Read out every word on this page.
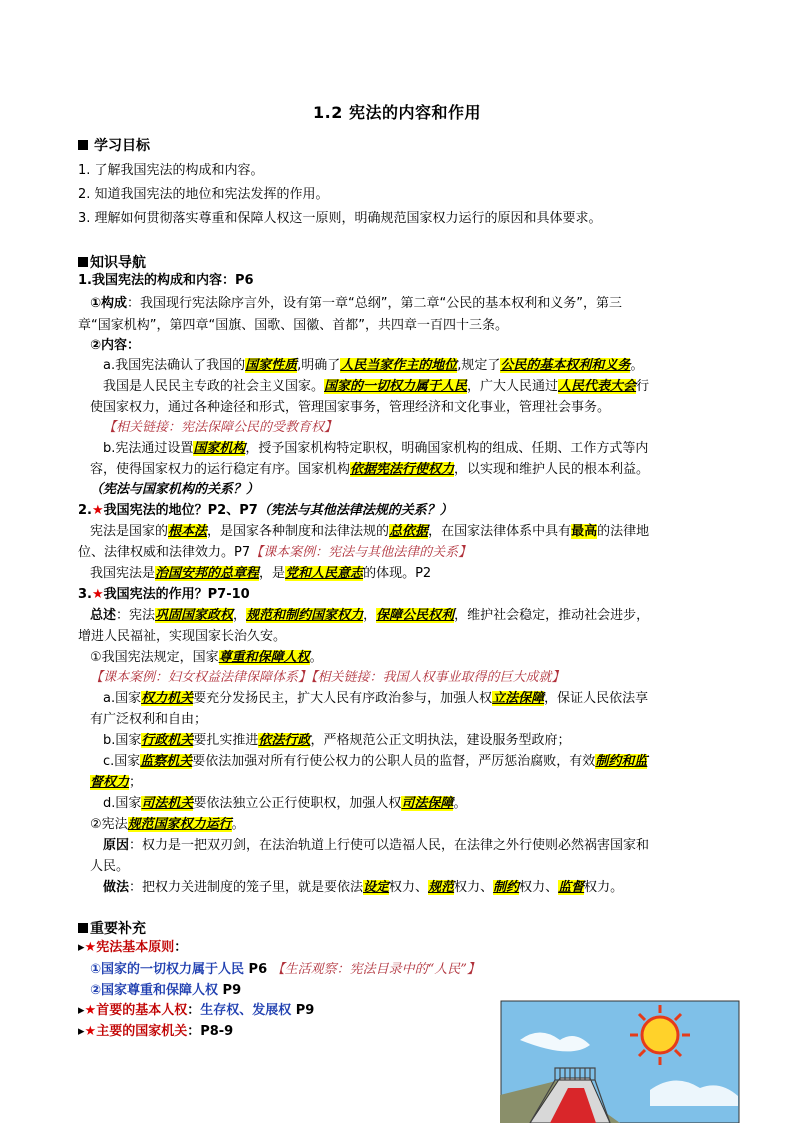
1.2 宪法的内容和作用
学习目标
1. 了解我国宪法的构成和内容。
2. 知道我国宪法的地位和宪法发挥的作用。
3. 理解如何贯彻落实尊重和保障人权这一原则，明确规范国家权力运行的原因和具体要求。
知识导航
1.我国宪法的构成和内容：P6
①构成：我国现行宪法除序言外，设有第一章“总纲”，第二章“公民的基本权利和义务”，第三
章“国家机构”，第四章“国旗、国歌、国徽、首都”，共四章一百四十三条。
②内容：
a.我国宪法确认了我国的国家性质,明确了人民当家作主的地位,规定了公民的基本权利和义务。
我国是人民民主专政的社会主义国家。国家的一切权力属于人民，广大人民通过人民代表大会行
使国家权力，通过各种途径和形式，管理国家事务，管理经济和文化事业，管理社会事务。
【相关链接：宪法保障公民的受教育权】
b.宪法通过设置国家机构，授予国家机构特定职权，明确国家机构的组成、任期、工作方式等内
容，使得国家权力的运行稳定有序。国家机构依据宪法行使权力，以实现和维护人民的根本利益。
（宪法与国家机构的关系？）
2.★我国宪法的地位？P2、P7（宪法与其他法律法规的关系？）
宪法是国家的根本法，是国家各种制度和法律法规的总依据，在国家法律体系中具有最高的法律地
位、法律权威和法律效力。P7【课本案例：宪法与其他法律的关系】
我国宪法是治国安邦的总章程，是党和人民意志的体现。P2
3.★我国宪法的作用？P7-10
总述：宪法巩固国家政权，规范和制约国家权力，保障公民权利，维护社会稳定，推动社会进步，
增进人民福祉，实现国家长治久安。
①我国宪法规定，国家尊重和保障人权。
【课本案例：妇女权益法律保障体系】【相关链接：我国人权事业取得的巨大成就】
a.国家权力机关要充分发扬民主，扩大人民有序政治参与，加强人权立法保障，保证人民依法享
有广泛权利和自由；
b.国家行政机关要扎实推进依法行政，严格规范公正文明执法，建设服务型政府；
c.国家监察机关要依法加强对所有行使公权力的公职人员的监督，严厉惩治腐败，有效制约和监
督权力；
d.国家司法机关要依法独立公正行使职权，加强人权司法保障。
②宪法规范国家权力运行。
原因：权力是一把双刃剑，在法治轨道上行使可以造福人民，在法律之外行使则必然祸害国家和
人民。
做法：把权力关进制度的笼子里，就是要依法设定权力、规范权力、制约权力、监督权力。
重要补充
▸★宪法基本原则：
①国家的一切权力属于人民 P6 【生活观察：宪法目录中的“人民”】
②国家尊重和保障人权 P9
▸★首要的基本人权：生存权、发展权 P9
▸★主要的国家机关：P8-9
